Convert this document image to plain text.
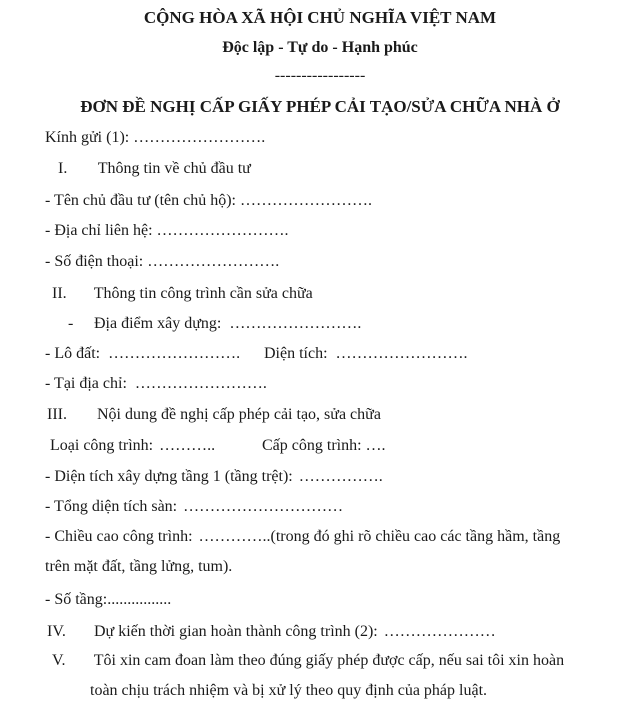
CỘNG HÒA XÃ HỘI CHỦ NGHĨA VIỆT NAM
Độc lập - Tự do - Hạnh phúc
-----------------
ĐƠN ĐỀ NGHỊ CẤP GIẤY PHÉP CẢI TẠO/SỬA CHỮA NHÀ Ở
Kính gửi (1): …………………….
I. Thông tin về chủ đầu tư
- Tên chủ đầu tư (tên chủ hộ): …………………….
- Địa chỉ liên hệ: …………………….
- Số điện thoại: …………………….
II. Thông tin công trình cần sửa chữa
- Địa điểm xây dựng: …………………….
- Lô đất: ……………………. Diện tích: …………………….
- Tại địa chỉ: …………………….
III. Nội dung đề nghị cấp phép cải tạo, sửa chữa
Loại công trình: ………..	Cấp công trình: ….
- Diện tích xây dựng tầng 1 (tầng trệt): …………….
- Tổng diện tích sàn: …………………………
- Chiều cao công trình: …………..(trong đó ghi rõ chiều cao các tầng hầm, tầng
trên mặt đất, tầng lửng, tum).
- Số tầng:................
IV. Dự kiến thời gian hoàn thành công trình (2): …………………
V. Tôi xin cam đoan làm theo đúng giấy phép được cấp, nếu sai tôi xin hoàn
toàn chịu trách nhiệm và bị xử lý theo quy định của pháp luật.
